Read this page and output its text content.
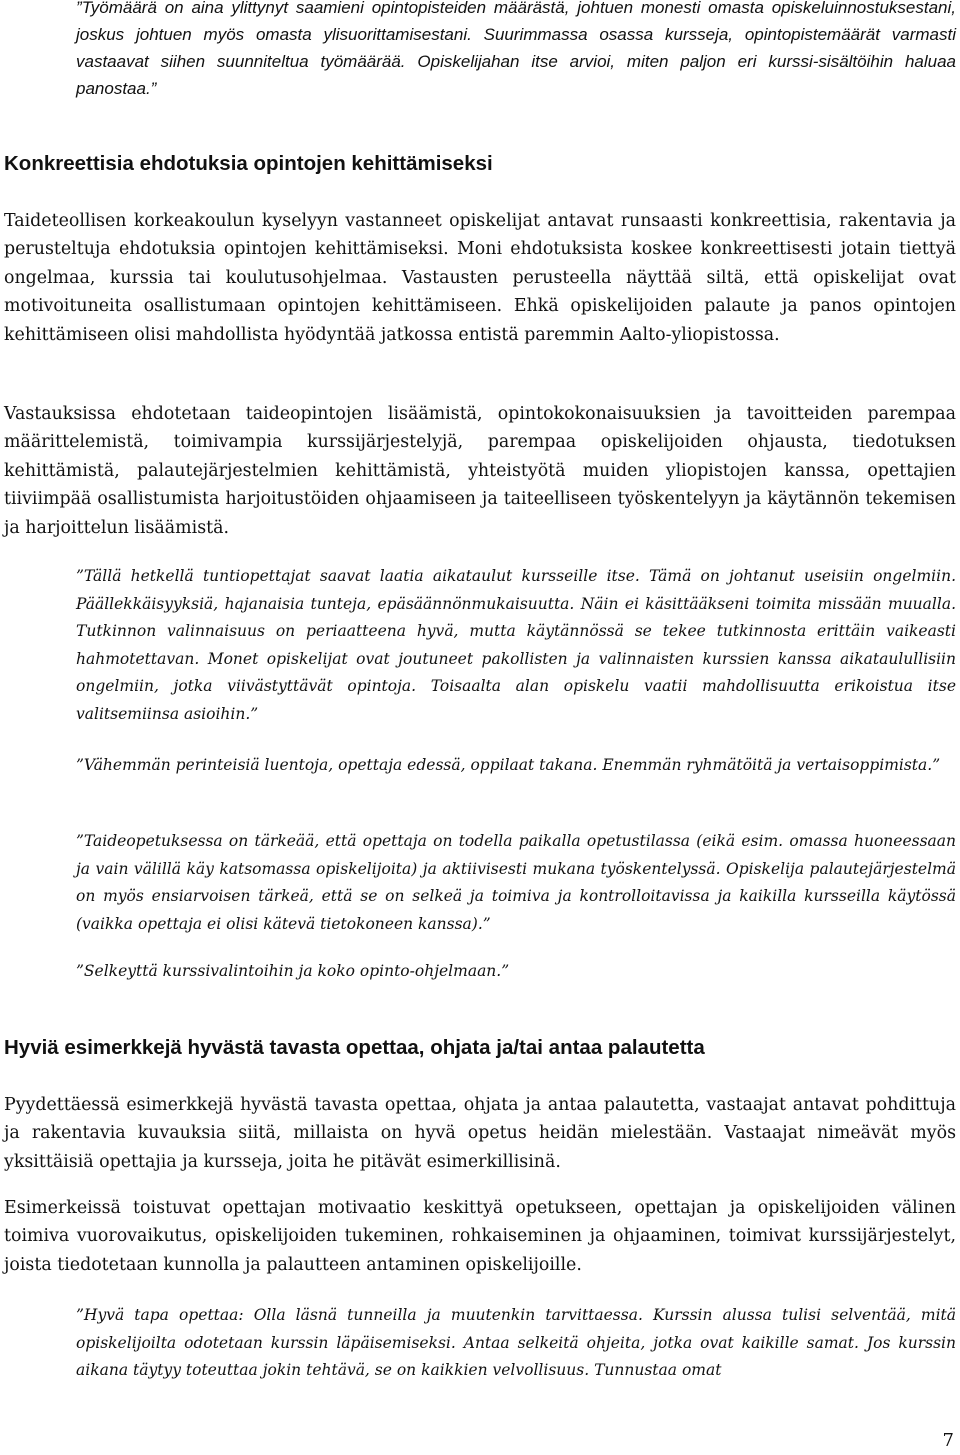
”Työmäärä on aina ylittynyt saamieni opintopisteiden määrästä, johtuen monesti omasta opiskeluinnostuksestani, joskus johtuen myös omasta ylisuorittamisestani. Suurimmassa osassa kursseja, opintopistemäärät varmasti vastaavat siihen suunniteltua työmäärää. Opiskelijahan itse arvioi, miten paljon eri kurssi-sisältöihin haluaa panostaa.”

Konkreettisia ehdotuksia opintojen kehittämiseksi

Taideteollisen korkeakoulun kyselyyn vastanneet opiskelijat antavat runsaasti konkreettisia, rakentavia ja perusteltuja ehdotuksia opintojen kehittämiseksi. Moni ehdotuksista koskee konkreettisesti jotain tiettyä ongelmaa, kurssia tai koulutusohjelmaa. Vastausten perusteella näyttää siltä, että opiskelijat ovat motivoituneita osallistumaan opintojen kehittämiseen. Ehkä opiskelijoiden palaute ja panos opintojen kehittämiseen olisi mahdollista hyödyntää jatkossa entistä paremmin Aalto-yliopistossa.

Vastauksissa ehdotetaan taideopintojen lisäämistä, opintokokonaisuuksien ja tavoitteiden parempaa määrittelemistä, toimivampia kurssijärjestelyjä, parempaa opiskelijoiden ohjausta, tiedotuksen kehittämistä, palautejärjestelmien kehittämistä, yhteistyötä muiden yliopistojen kanssa, opettajien tiiviimpää osallistumista harjoitustöiden ohjaamiseen ja taiteelliseen työskentelyyn ja käytännön tekemisen ja harjoittelun lisäämistä.

”Tällä hetkellä tuntiopettajat saavat laatia aikataulut kursseille itse. Tämä on johtanut useisiin ongelmiin. Päällekkäisyyksiä, hajanaisia tunteja, epäsäännönmukaisuutta. Näin ei käsittääkseni toimita missään muualla. Tutkinnon valinnaisuus on periaatteena hyvä, mutta käytännössä se tekee tutkinnosta erittäin vaikeasti hahmotettavan. Monet opiskelijat ovat joutuneet pakollisten ja valinnaisten kurssien kanssa aikataulullisiin ongelmiin, jotka viivästyttävät opintoja. Toisaalta alan opiskelu vaatii mahdollisuutta erikoistua itse valitsemiinsa asioihin.”

”Vähemmän perinteisiä luentoja, opettaja edessä, oppilaat takana. Enemmän ryhmätöitä ja vertaisoppimista.”

”Taideopetuksessa on tärkeää, että opettaja on todella paikalla opetustilassa (eikä esim. omassa huoneessaan ja vain välillä käy katsomassa opiskelijoita) ja aktiivisesti mukana työskentelyssä. Opiskelija palautejärjestelmä on myös ensiarvoisen tärkeä, että se on selkeä ja toimiva ja kontrolloitavissa ja kaikilla kursseilla käytössä (vaikka opettaja ei olisi kätevä tietokoneen kanssa).”

”Selkeyttä kurssivalintoihin ja koko opinto-ohjelmaan.”

Hyviä esimerkkejä hyvästä tavasta opettaa, ohjata ja/tai antaa palautetta

Pyydettäessä esimerkkejä hyvästä tavasta opettaa, ohjata ja antaa palautetta, vastaajat antavat pohdittuja ja rakentavia kuvauksia siitä, millaista on hyvä opetus heidän mielestään. Vastaajat nimeävät myös yksittäisiä opettajia ja kursseja, joita he pitävät esimerkillisinä.

Esimerkeissä toistuvat opettajan motivaatio keskittyä opetukseen, opettajan ja opiskelijoiden välinen toimiva vuorovaikutus, opiskelijoiden tukeminen, rohkaiseminen ja ohjaaminen, toimivat kurssijärjestelyt, joista tiedotetaan kunnolla ja palautteen antaminen opiskelijoille.

”Hyvä tapa opettaa: Olla läsnä tunneilla ja muutenkin tarvittaessa. Kurssin alussa tulisi selventää, mitä opiskelijoilta odotetaan kurssin läpäisemiseksi. Antaa selkeitä ohjeita, jotka ovat kaikille samat. Jos kurssin aikana täytyy toteuttaa jokin tehtävä, se on kaikkien velvollisuus. Tunnustaa omat

7
